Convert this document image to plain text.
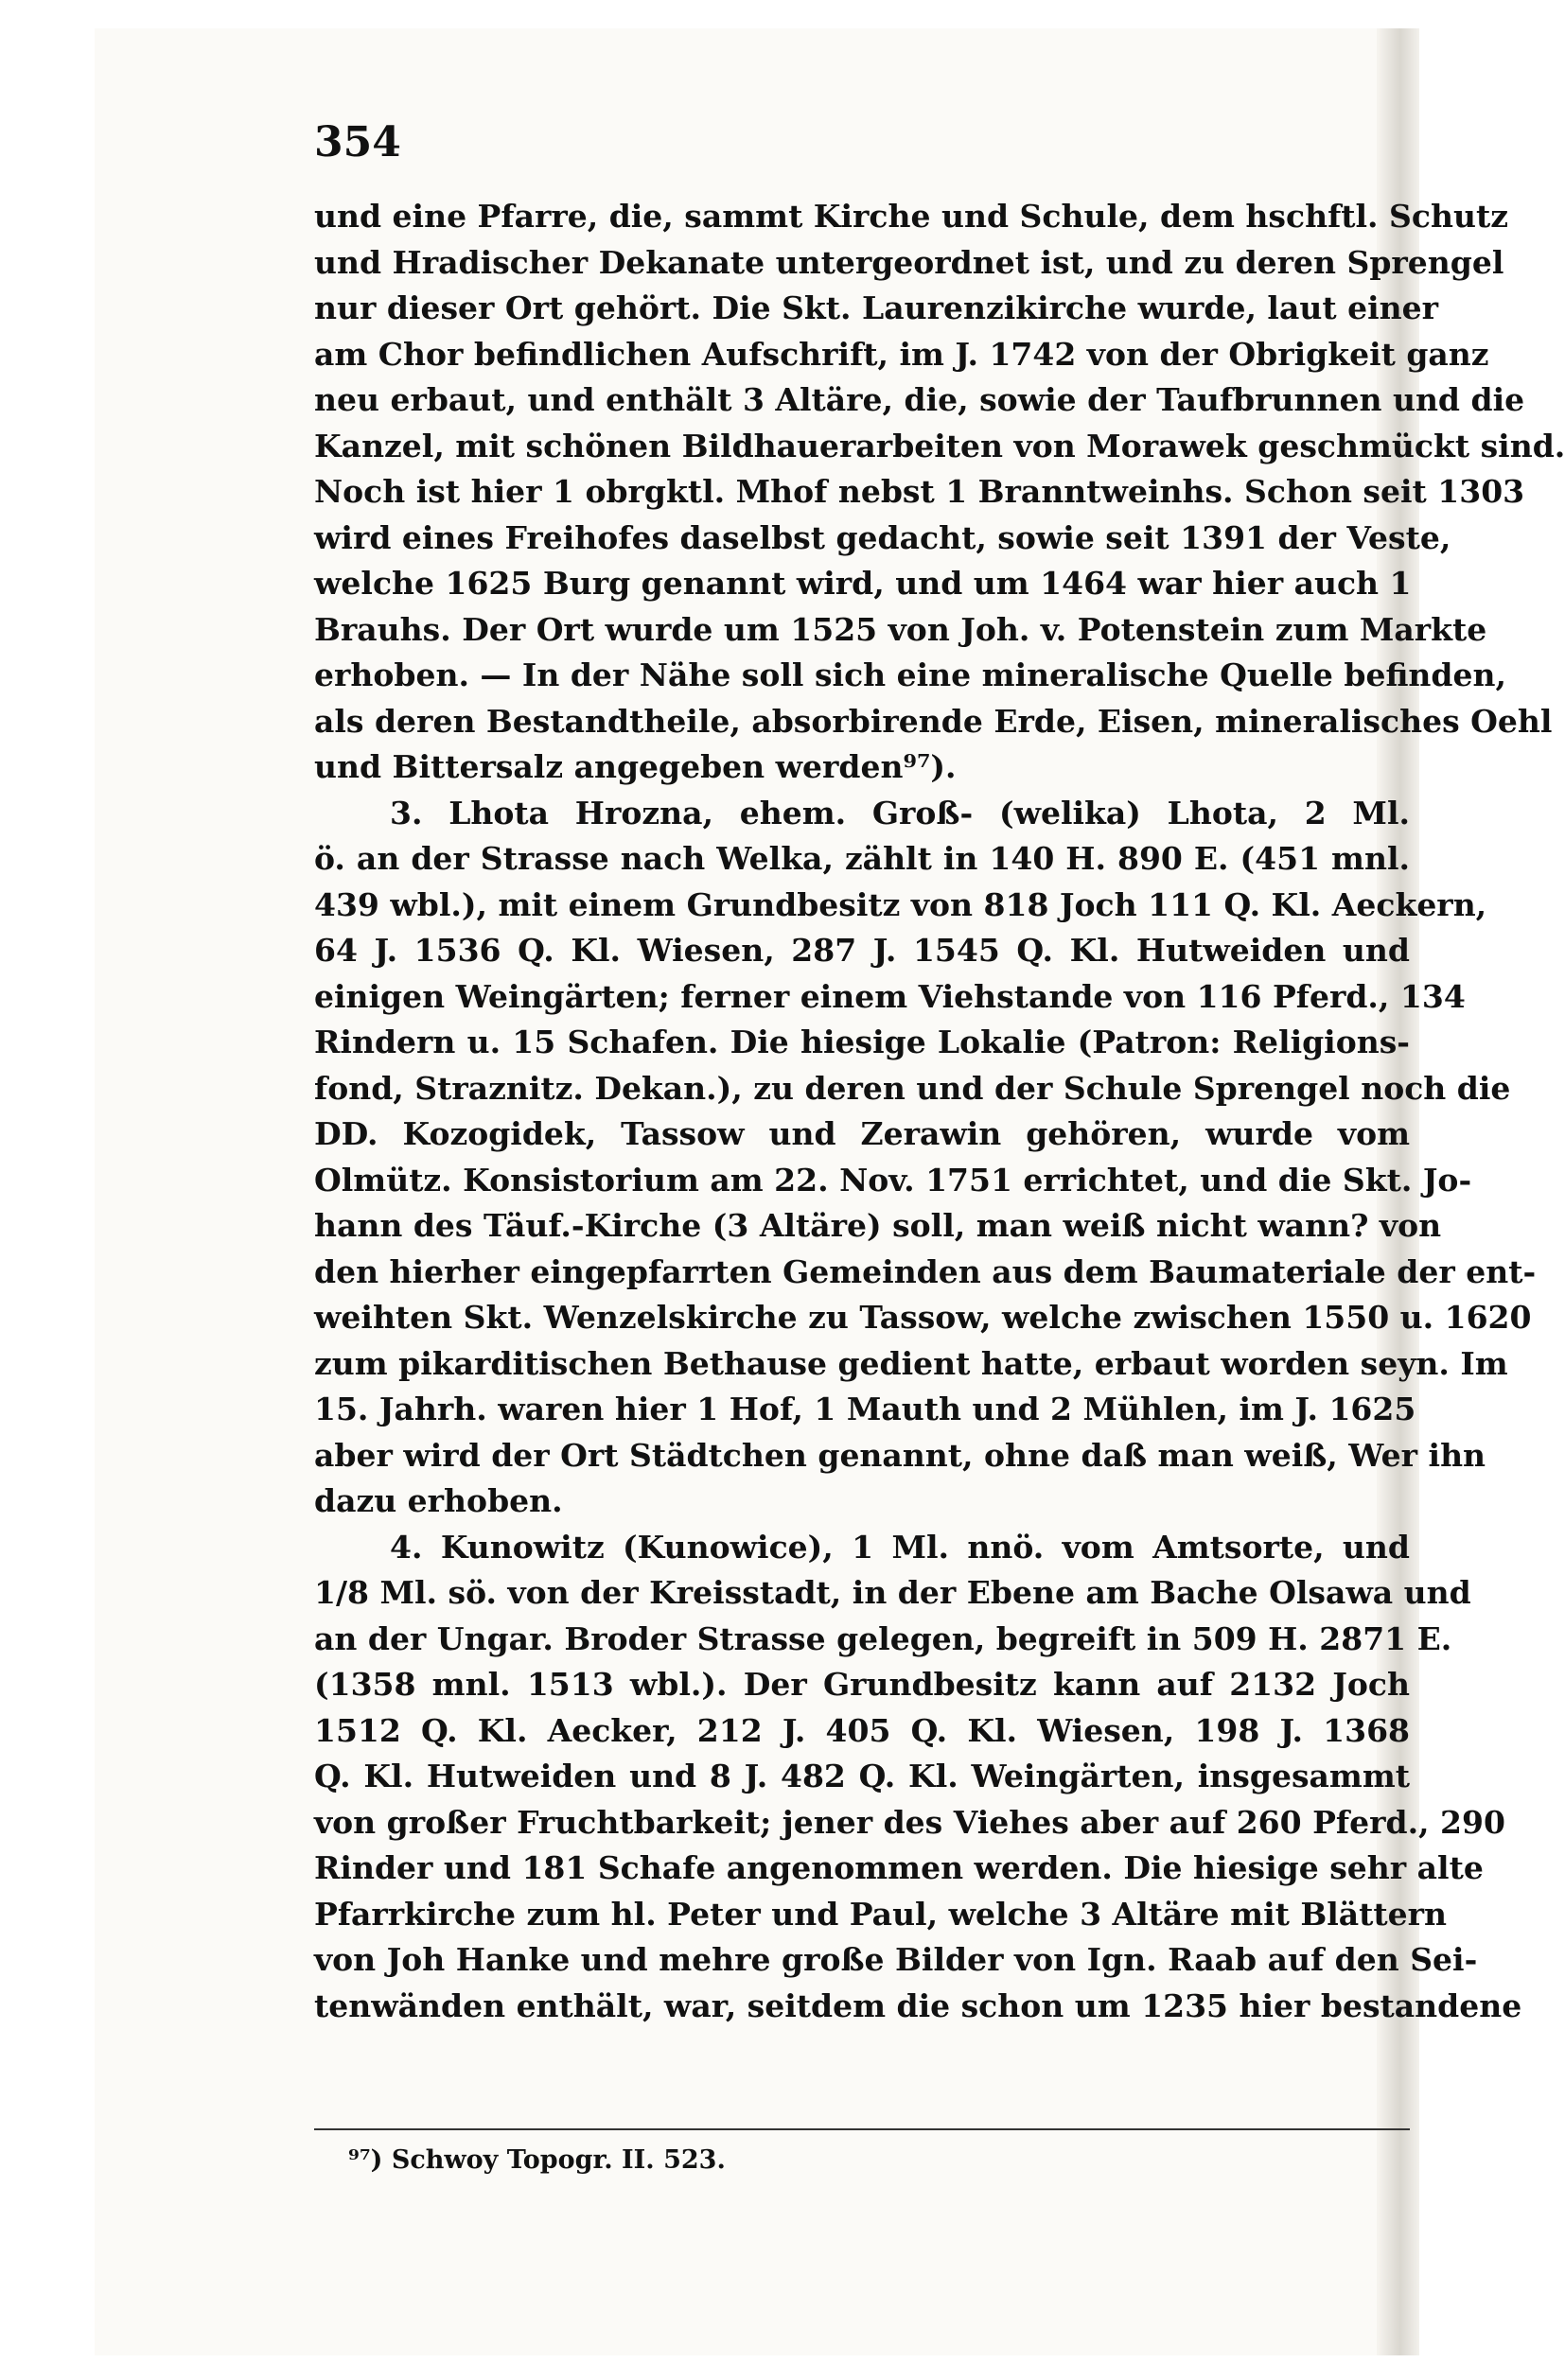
354
und eine Pfarre, die, sammt Kirche und Schule, dem hschftl. Schutz
und Hradischer Dekanate untergeordnet ist, und zu deren Sprengel
nur dieser Ort gehört. Die Skt. Laurenzikirche wurde, laut einer
am Chor befindlichen Aufschrift, im J. 1742 von der Obrigkeit ganz
neu erbaut, und enthält 3 Altäre, die, sowie der Taufbrunnen und die
Kanzel, mit schönen Bildhauerarbeiten von Morawek geschmückt sind.
Noch ist hier 1 obrgktl. Mhof nebst 1 Branntweinhs. Schon seit 1303
wird eines Freihofes daselbst gedacht, sowie seit 1391 der Veste,
welche 1625 Burg genannt wird, und um 1464 war hier auch 1
Brauhs. Der Ort wurde um 1525 von Joh. v. Potenstein zum Markte
erhoben. — In der Nähe soll sich eine mineralische Quelle befinden,
als deren Bestandtheile, absorbirende Erde, Eisen, mineralisches Oehl
und Bittersalz angegeben werden⁹⁷).
3. Lhota Hrozna, ehem. Groß- (welika) Lhota, 2 Ml.
ö. an der Strasse nach Welka, zählt in 140 H. 890 E. (451 mnl.
439 wbl.), mit einem Grundbesitz von 818 Joch 111 Q. Kl. Aeckern,
64 J. 1536 Q. Kl. Wiesen, 287 J. 1545 Q. Kl. Hutweiden und
einigen Weingärten; ferner einem Viehstande von 116 Pferd., 134
Rindern u. 15 Schafen. Die hiesige Lokalie (Patron: Religions-
fond, Straznitz. Dekan.), zu deren und der Schule Sprengel noch die
DD. Kozogidek, Tassow und Zerawin gehören, wurde vom
Olmütz. Konsistorium am 22. Nov. 1751 errichtet, und die Skt. Jo-
hann des Täuf.-Kirche (3 Altäre) soll, man weiß nicht wann? von
den hierher eingepfarrten Gemeinden aus dem Baumateriale der ent-
weihten Skt. Wenzelskirche zu Tassow, welche zwischen 1550 u. 1620
zum pikarditischen Bethause gedient hatte, erbaut worden seyn. Im
15. Jahrh. waren hier 1 Hof, 1 Mauth und 2 Mühlen, im J. 1625
aber wird der Ort Städtchen genannt, ohne daß man weiß, Wer ihn
dazu erhoben.
4. Kunowitz (Kunowice), 1 Ml. nnö. vom Amtsorte, und
1/8 Ml. sö. von der Kreisstadt, in der Ebene am Bache Olsawa und
an der Ungar. Broder Strasse gelegen, begreift in 509 H. 2871 E.
(1358 mnl. 1513 wbl.). Der Grundbesitz kann auf 2132 Joch
1512 Q. Kl. Aecker, 212 J. 405 Q. Kl. Wiesen, 198 J. 1368
Q. Kl. Hutweiden und 8 J. 482 Q. Kl. Weingärten, insgesammt
von großer Fruchtbarkeit; jener des Viehes aber auf 260 Pferd., 290
Rinder und 181 Schafe angenommen werden. Die hiesige sehr alte
Pfarrkirche zum hl. Peter und Paul, welche 3 Altäre mit Blättern
von Joh Hanke und mehre große Bilder von Ign. Raab auf den Sei-
tenwänden enthält, war, seitdem die schon um 1235 hier bestandene
⁹⁷) Schwoy Topogr. II. 523.
